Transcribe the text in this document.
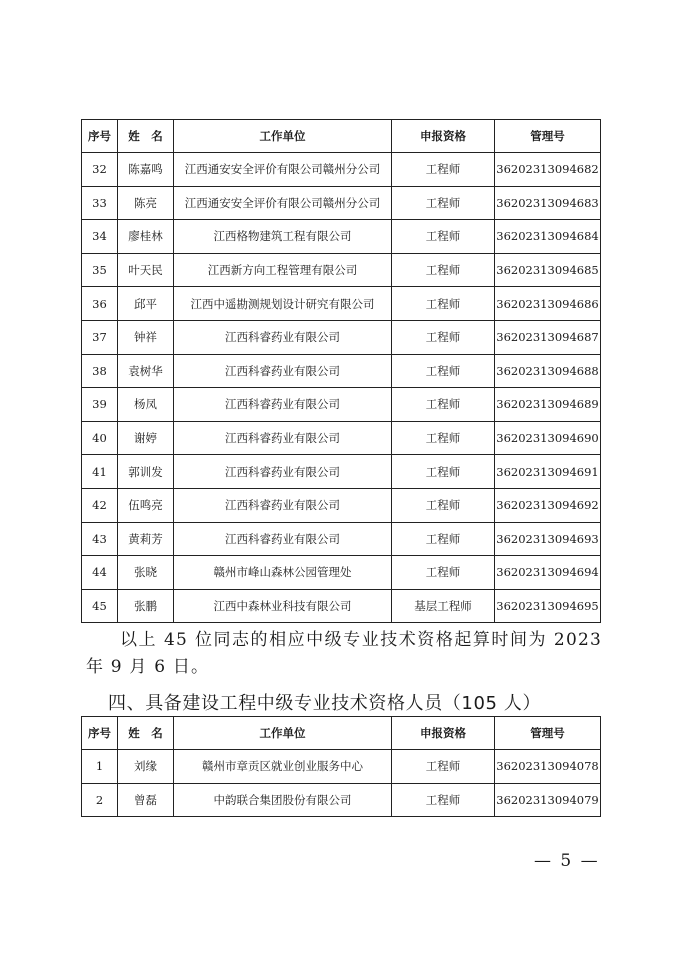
序号	姓　名	工作单位	申报资格	管理号
32	陈嘉鸣	江西通安安全评价有限公司赣州分公司	工程师	36202313094682
33	陈亮	江西通安安全评价有限公司赣州分公司	工程师	36202313094683
34	廖桂林	江西格物建筑工程有限公司	工程师	36202313094684
35	叶天民	江西新方向工程管理有限公司	工程师	36202313094685
36	邱平	江西中遥勘测规划设计研究有限公司	工程师	36202313094686
37	钟祥	江西科睿药业有限公司	工程师	36202313094687
38	袁树华	江西科睿药业有限公司	工程师	36202313094688
39	杨凤	江西科睿药业有限公司	工程师	36202313094689
40	谢婷	江西科睿药业有限公司	工程师	36202313094690
41	郭训发	江西科睿药业有限公司	工程师	36202313094691
42	伍鸣亮	江西科睿药业有限公司	工程师	36202313094692
43	黄莉芳	江西科睿药业有限公司	工程师	36202313094693
44	张晓	赣州市峰山森林公园管理处	工程师	36202313094694
45	张鹏	江西中森林业科技有限公司	基层工程师	36202313094695
以上 45 位同志的相应中级专业技术资格起算时间为 2023
年 9 月 6 日。
四、具备建设工程中级专业技术资格人员（105 人）
序号	姓　名	工作单位	申报资格	管理号
1	刘缘	赣州市章贡区就业创业服务中心	工程师	36202313094078
2	曾磊	中韵联合集团股份有限公司	工程师	36202313094079
— 5 —
